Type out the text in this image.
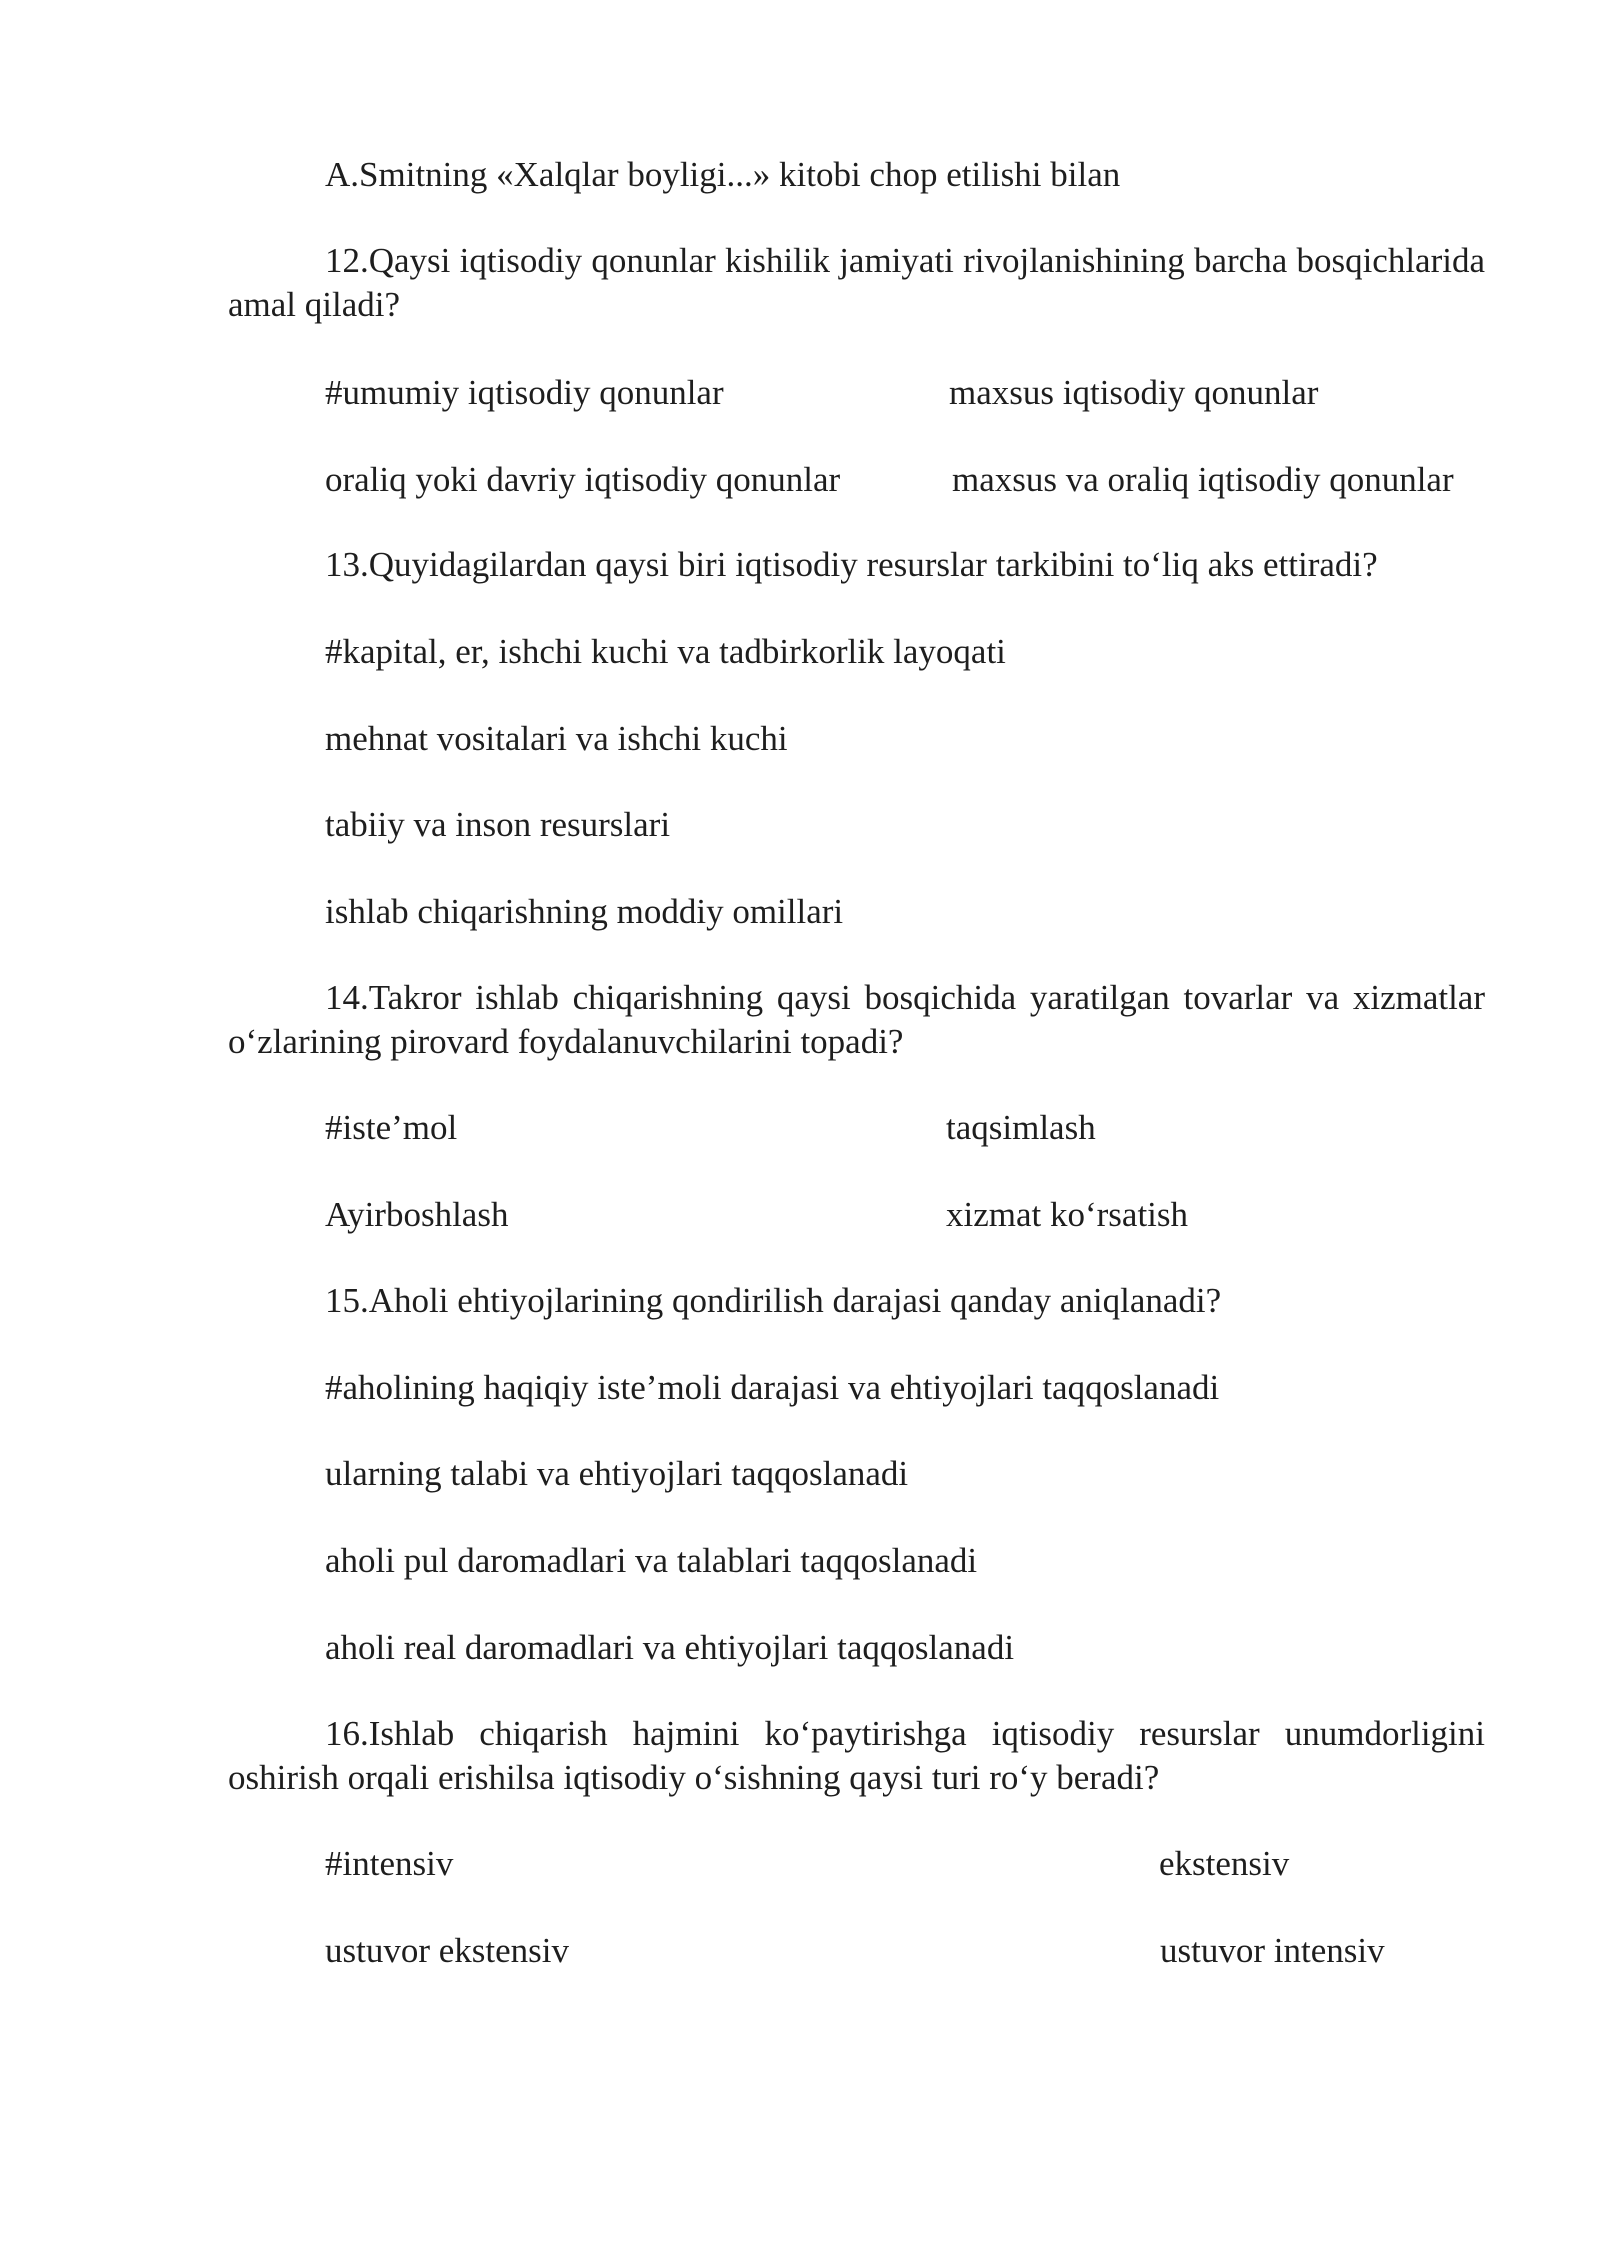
A.Smitning «Xalqlar boyligi...» kitobi chop etilishi bilan
12.Qaysi iqtisodiy qonunlar kishilik jamiyati rivojlanishining barcha bosqichlarida amal qiladi?
#umumiy iqtisodiy qonunlar	maxsus iqtisodiy qonunlar
oraliq yoki davriy iqtisodiy qonunlar	maxsus va oraliq iqtisodiy qonunlar
13.Quyidagilardan qaysi biri iqtisodiy resurslar tarkibini to‘liq aks ettiradi?
#kapital, er, ishchi kuchi va tadbirkorlik layoqati
mehnat vositalari va ishchi kuchi
tabiiy va inson resurslari
ishlab chiqarishning moddiy omillari
14.Takror ishlab chiqarishning qaysi bosqichida yaratilgan tovarlar va xizmatlar o‘zlarining pirovard foydalanuvchilarini topadi?
#iste’mol	taqsimlash
Ayirboshlash	xizmat ko‘rsatish
15.Aholi ehtiyojlarining qondirilish darajasi qanday aniqlanadi?
#aholining haqiqiy iste’moli darajasi va ehtiyojlari taqqoslanadi
ularning talabi va ehtiyojlari taqqoslanadi
aholi pul daromadlari va talablari taqqoslanadi
aholi real daromadlari va ehtiyojlari taqqoslanadi
16.Ishlab chiqarish hajmini ko‘paytirishga iqtisodiy resurslar unumdorligini oshirish orqali erishilsa iqtisodiy o‘sishning qaysi turi ro‘y beradi?
#intensiv	ekstensiv
ustuvor ekstensiv	ustuvor intensiv
